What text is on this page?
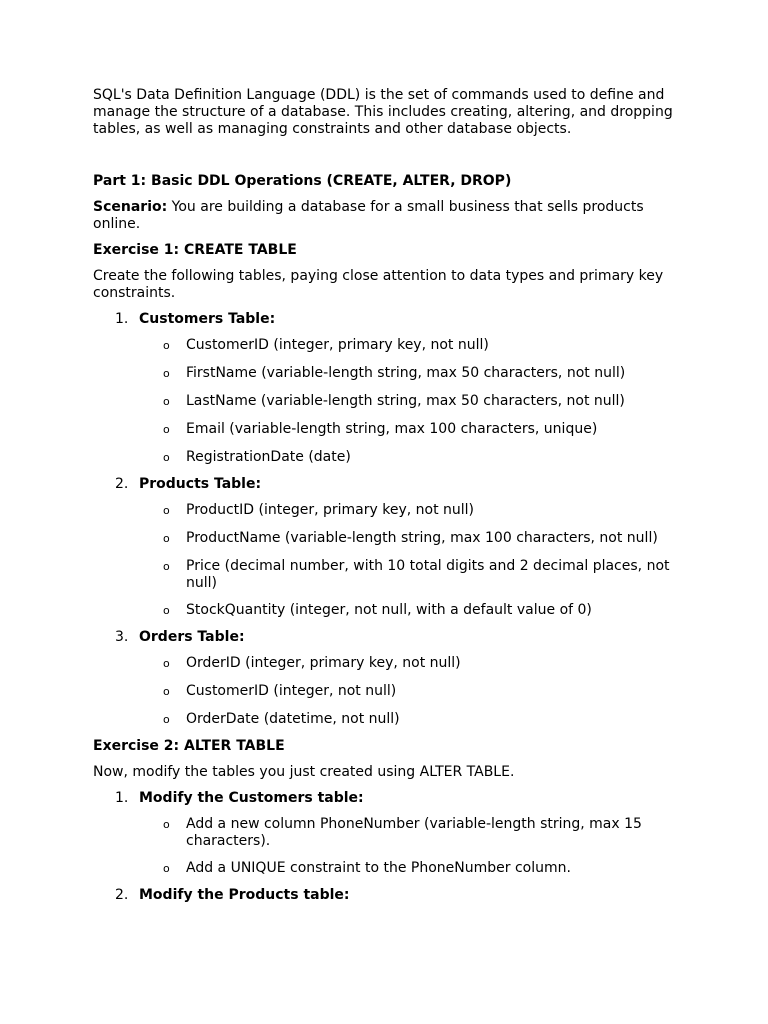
SQL's Data Definition Language (DDL) is the set of commands used to define and manage the structure of a database. This includes creating, altering, and dropping tables, as well as managing constraints and other database objects.

Part 1: Basic DDL Operations (CREATE, ALTER, DROP)

Scenario: You are building a database for a small business that sells products online.

Exercise 1: CREATE TABLE

Create the following tables, paying close attention to data types and primary key constraints.

1. Customers Table:
o	CustomerID (integer, primary key, not null)
o	FirstName (variable-length string, max 50 characters, not null)
o	LastName (variable-length string, max 50 characters, not null)
o	Email (variable-length string, max 100 characters, unique)
o	RegistrationDate (date)
2. Products Table:
o	ProductID (integer, primary key, not null)
o	ProductName (variable-length string, max 100 characters, not null)
o	Price (decimal number, with 10 total digits and 2 decimal places, not null)
o	StockQuantity (integer, not null, with a default value of 0)
3. Orders Table:
o	OrderID (integer, primary key, not null)
o	CustomerID (integer, not null)
o	OrderDate (datetime, not null)

Exercise 2: ALTER TABLE

Now, modify the tables you just created using ALTER TABLE.

1. Modify the Customers table:
o	Add a new column PhoneNumber (variable-length string, max 15 characters).
o	Add a UNIQUE constraint to the PhoneNumber column.
2. Modify the Products table:
